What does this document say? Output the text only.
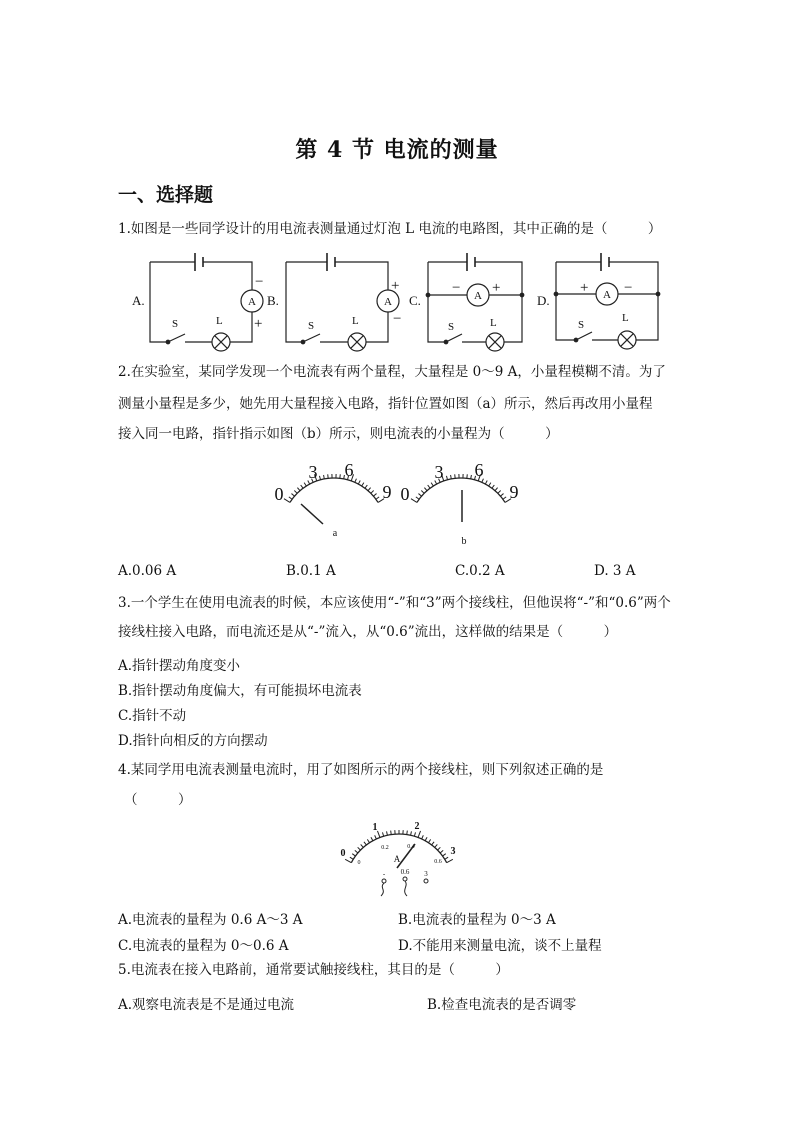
第 4 节 电流的测量
一、选择题
1.如图是一些同学设计的用电流表测量通过灯泡 L 电流的电路图，其中正确的是（　　　）
A.	B.	C.	D.
A	A	A	A
S	L	S	L	S	L	S
L
−
+
+
−
− +	+ −
2.在实验室，某同学发现一个电流表有两个量程，大量程是 0～9 A，小量程模糊不清。为了
测量小量程是多少，她先用大量程接入电路，指针位置如图（a）所示，然后再改用小量程
接入同一电路，指针指示如图（b）所示，则电流表的小量程为（　　　）
0
3 6
9 0
3 6
9
a
b
A.0.06 A	B.0.1 A	C.0.2 A	D. 3 A
3.一个学生在使用电流表的时候，本应该使用“-”和“3”两个接线柱，但他误将“-”和“0.6”两个
接线柱接入电路，而电流还是从“-”流入，从“0.6”流出，这样做的结果是（　　　）
A.指针摆动角度变小
B.指针摆动角度偏大，有可能损坏电流表
C.指针不动
D.指针向相反的方向摆动
4.某同学用电流表测量电流时，用了如图所示的两个接线柱，则下列叙述正确的是
（　　　）
0
1	2
3
0
0.2	0.4
0.6
A
- 0.6 3
A.电流表的量程为 0.6 A～3 A	B.电流表的量程为 0～3 A
C.电流表的量程为 0～0.6 A	D.不能用来测量电流，谈不上量程
5.电流表在接入电路前，通常要试触接线柱，其目的是（　　　）
A.观察电流表是不是通过电流	B.检查电流表的是否调零
